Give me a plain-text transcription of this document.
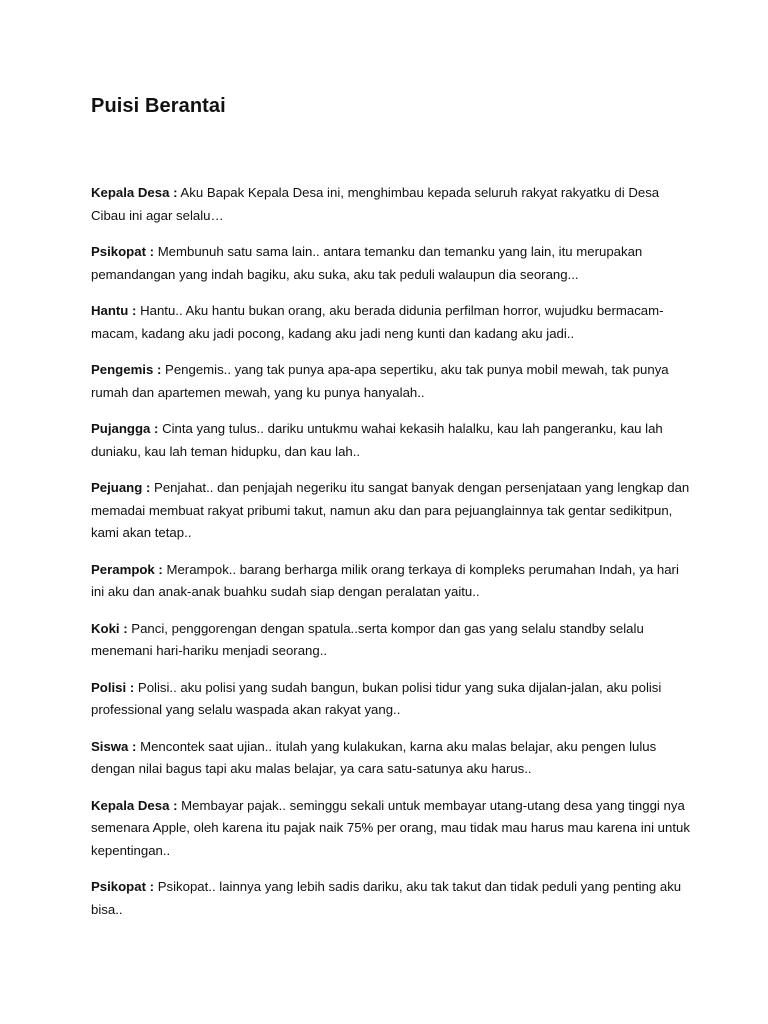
Puisi Berantai

Kepala Desa : Aku Bapak Kepala Desa ini, menghimbau kepada seluruh rakyat rakyatku di Desa Cibau ini agar selalu…

Psikopat : Membunuh satu sama lain.. antara temanku dan temanku yang lain, itu merupakan pemandangan yang indah bagiku, aku suka, aku tak peduli walaupun dia seorang...

Hantu : Hantu.. Aku hantu bukan orang, aku berada didunia perfilman horror, wujudku bermacam-macam, kadang aku jadi pocong, kadang aku jadi neng kunti dan kadang aku jadi..

Pengemis : Pengemis.. yang tak punya apa-apa sepertiku, aku tak punya mobil mewah, tak punya rumah dan apartemen mewah, yang ku punya hanyalah..

Pujangga : Cinta yang tulus.. dariku untukmu wahai kekasih halalku, kau lah pangeranku, kau lah duniaku, kau lah teman hidupku, dan kau lah..

Pejuang : Penjahat.. dan penjajah negeriku itu sangat banyak dengan persenjataan yang lengkap dan memadai membuat rakyat pribumi takut, namun aku dan para pejuanglainnya tak gentar sedikitpun, kami akan tetap..

Perampok : Merampok.. barang berharga milik orang terkaya di kompleks perumahan Indah, ya hari ini aku dan anak-anak buahku sudah siap dengan peralatan yaitu..

Koki : Panci, penggorengan dengan spatula..serta kompor dan gas yang selalu standby selalu menemani hari-hariku menjadi seorang..

Polisi : Polisi.. aku polisi yang sudah bangun, bukan polisi tidur yang suka dijalan-jalan, aku polisi professional yang selalu waspada akan rakyat yang..

Siswa : Mencontek saat ujian.. itulah yang kulakukan, karna aku malas belajar, aku pengen lulus dengan nilai bagus tapi aku malas belajar, ya cara satu-satunya aku harus..

Kepala Desa : Membayar pajak.. seminggu sekali untuk membayar utang-utang desa yang tinggi nya semenara Apple, oleh karena itu pajak naik 75% per orang, mau tidak mau harus mau karena ini untuk kepentingan..

Psikopat : Psikopat.. lainnya yang lebih sadis dariku, aku tak takut dan tidak peduli yang penting aku bisa..
